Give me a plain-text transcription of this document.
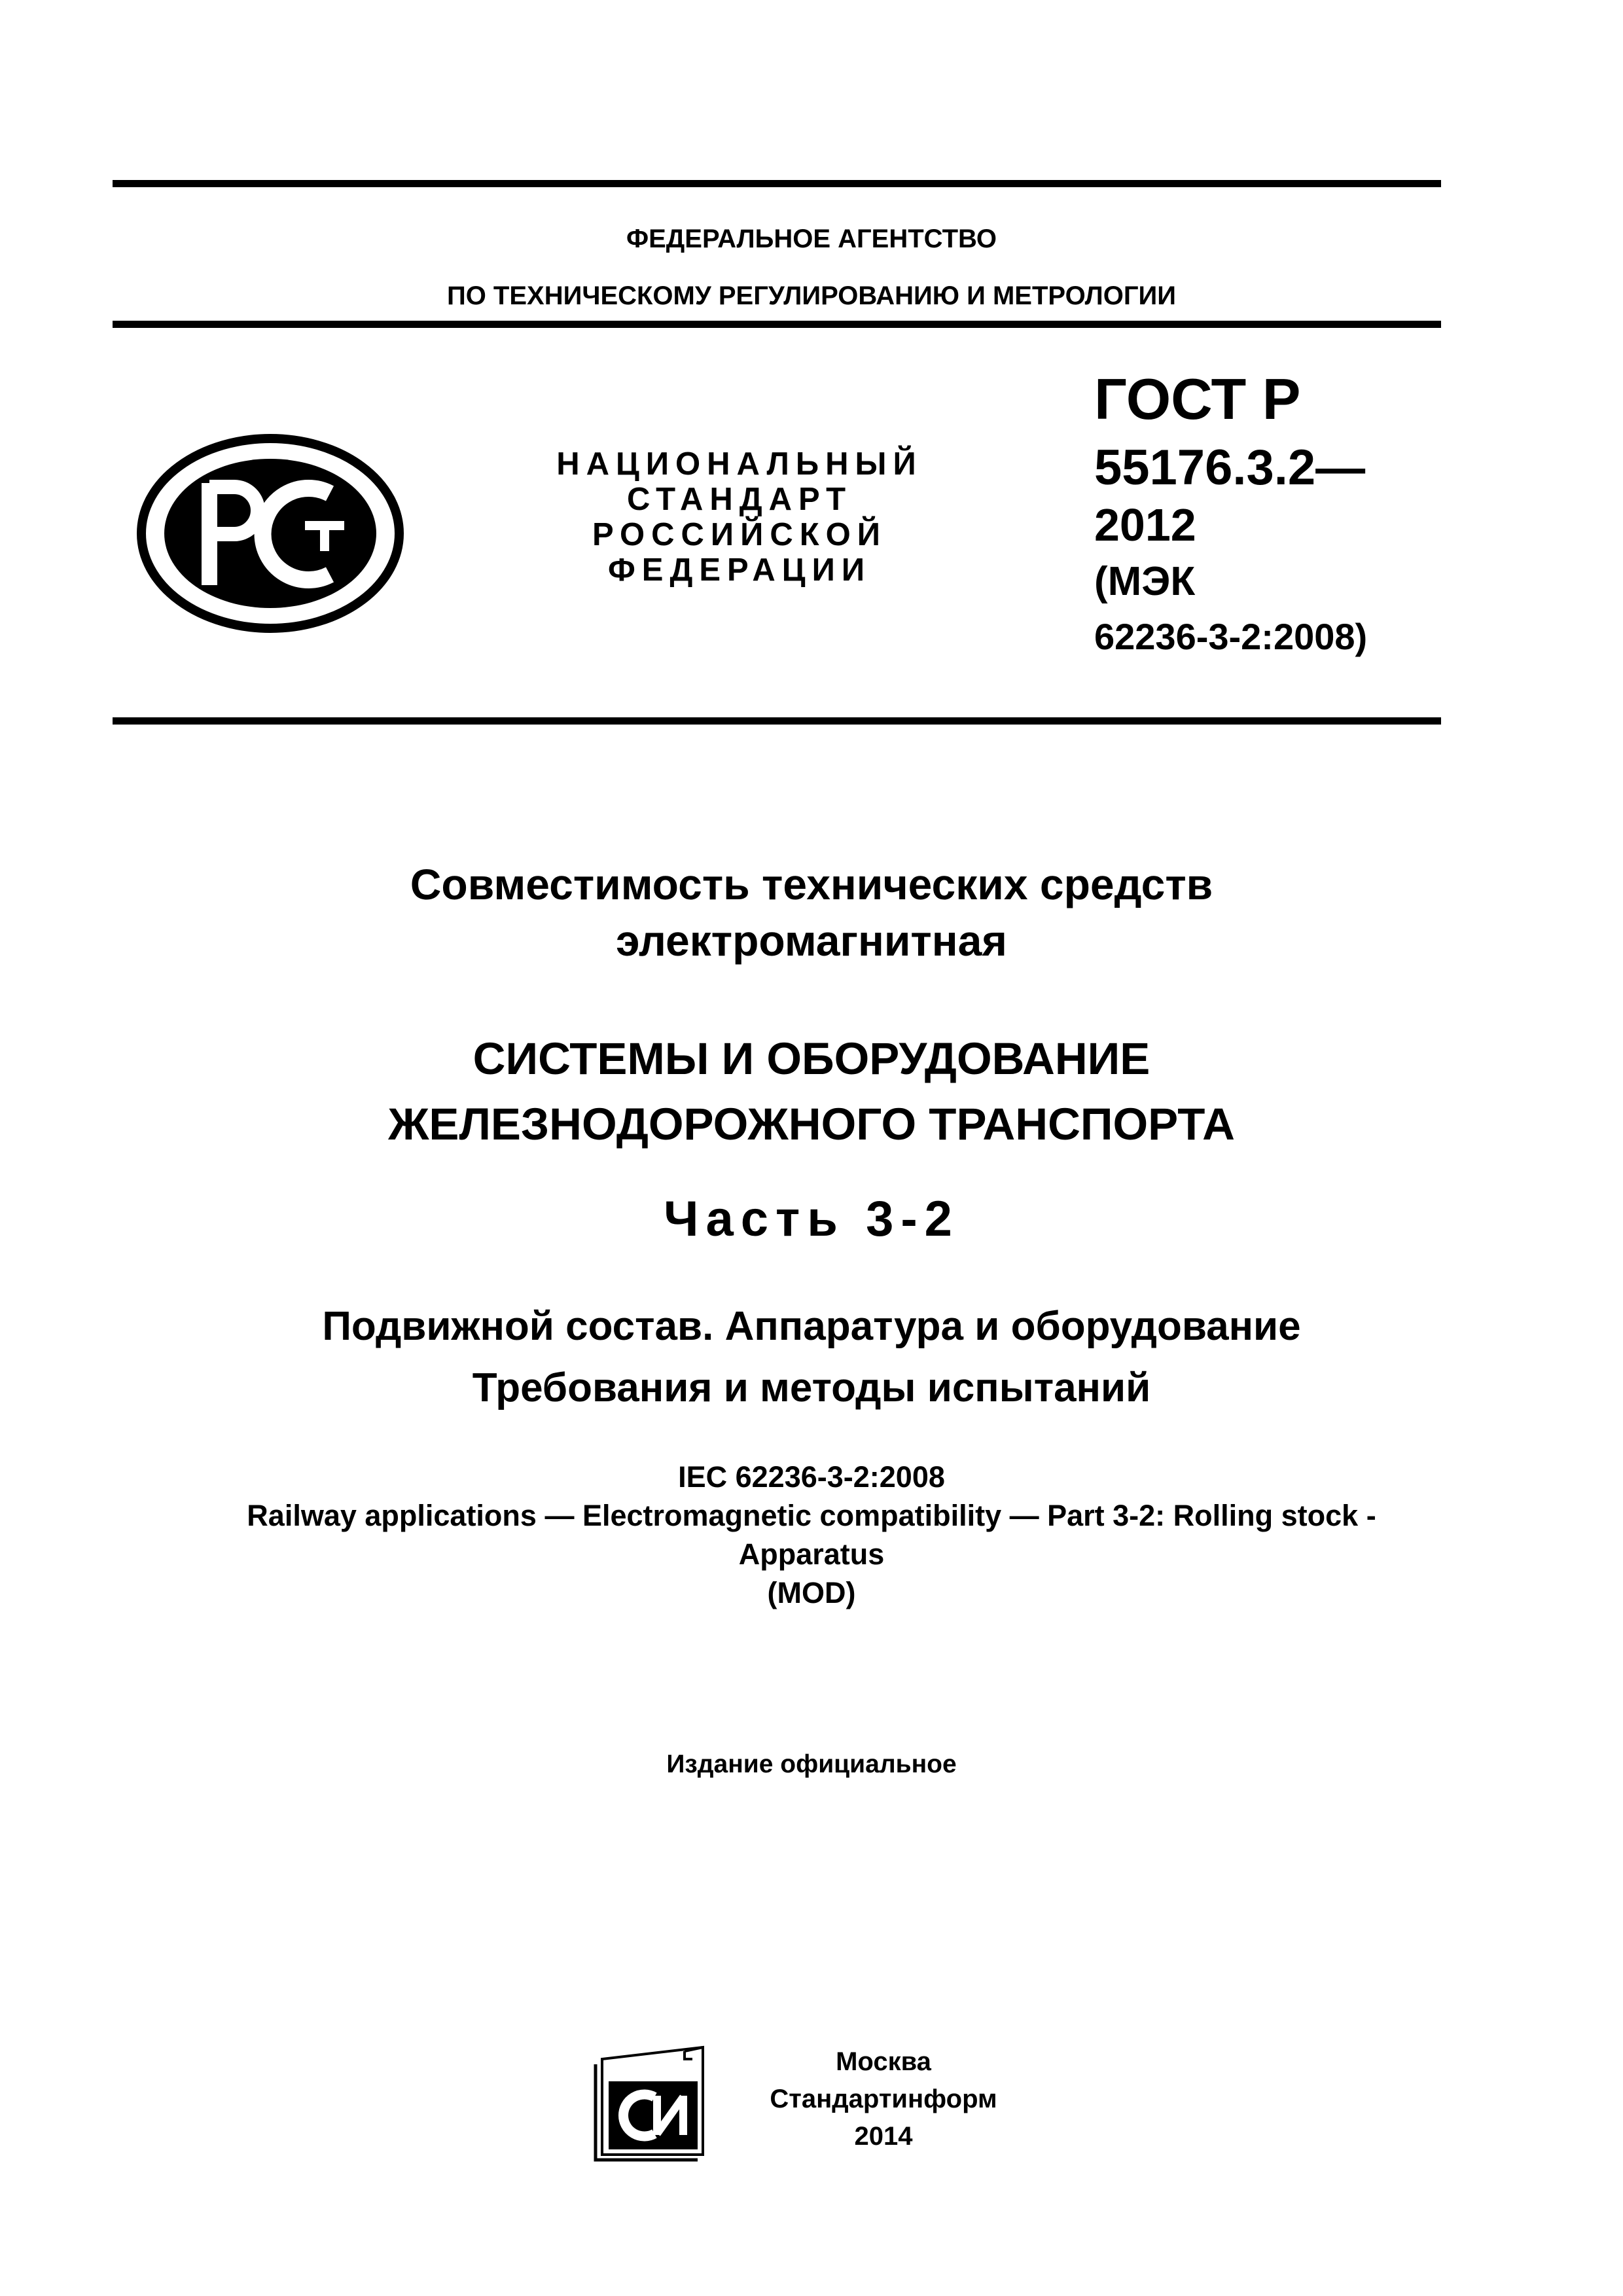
ФЕДЕРАЛЬНОЕ АГЕНТСТВО
ПО ТЕХНИЧЕСКОМУ РЕГУЛИРОВАНИЮ И МЕТРОЛОГИИ
НАЦИОНАЛЬНЫЙ
СТАНДАРТ
РОССИЙСКОЙ
ФЕДЕРАЦИИ
ГОСТ Р
55176.3.2—
2012
(МЭК
62236-3-2:2008)
Совместимость технических средств
электромагнитная
СИСТЕМЫ И ОБОРУДОВАНИЕ
ЖЕЛЕЗНОДОРОЖНОГО ТРАНСПОРТА
Часть 3-2
Подвижной состав. Аппаратура и оборудование
Требования и методы испытаний
IEC 62236-3-2:2008
Railway applications — Electromagnetic compatibility — Part 3-2: Rolling stock -
Apparatus
(MOD)
Издание официальное
Москва
Стандартинформ
2014
